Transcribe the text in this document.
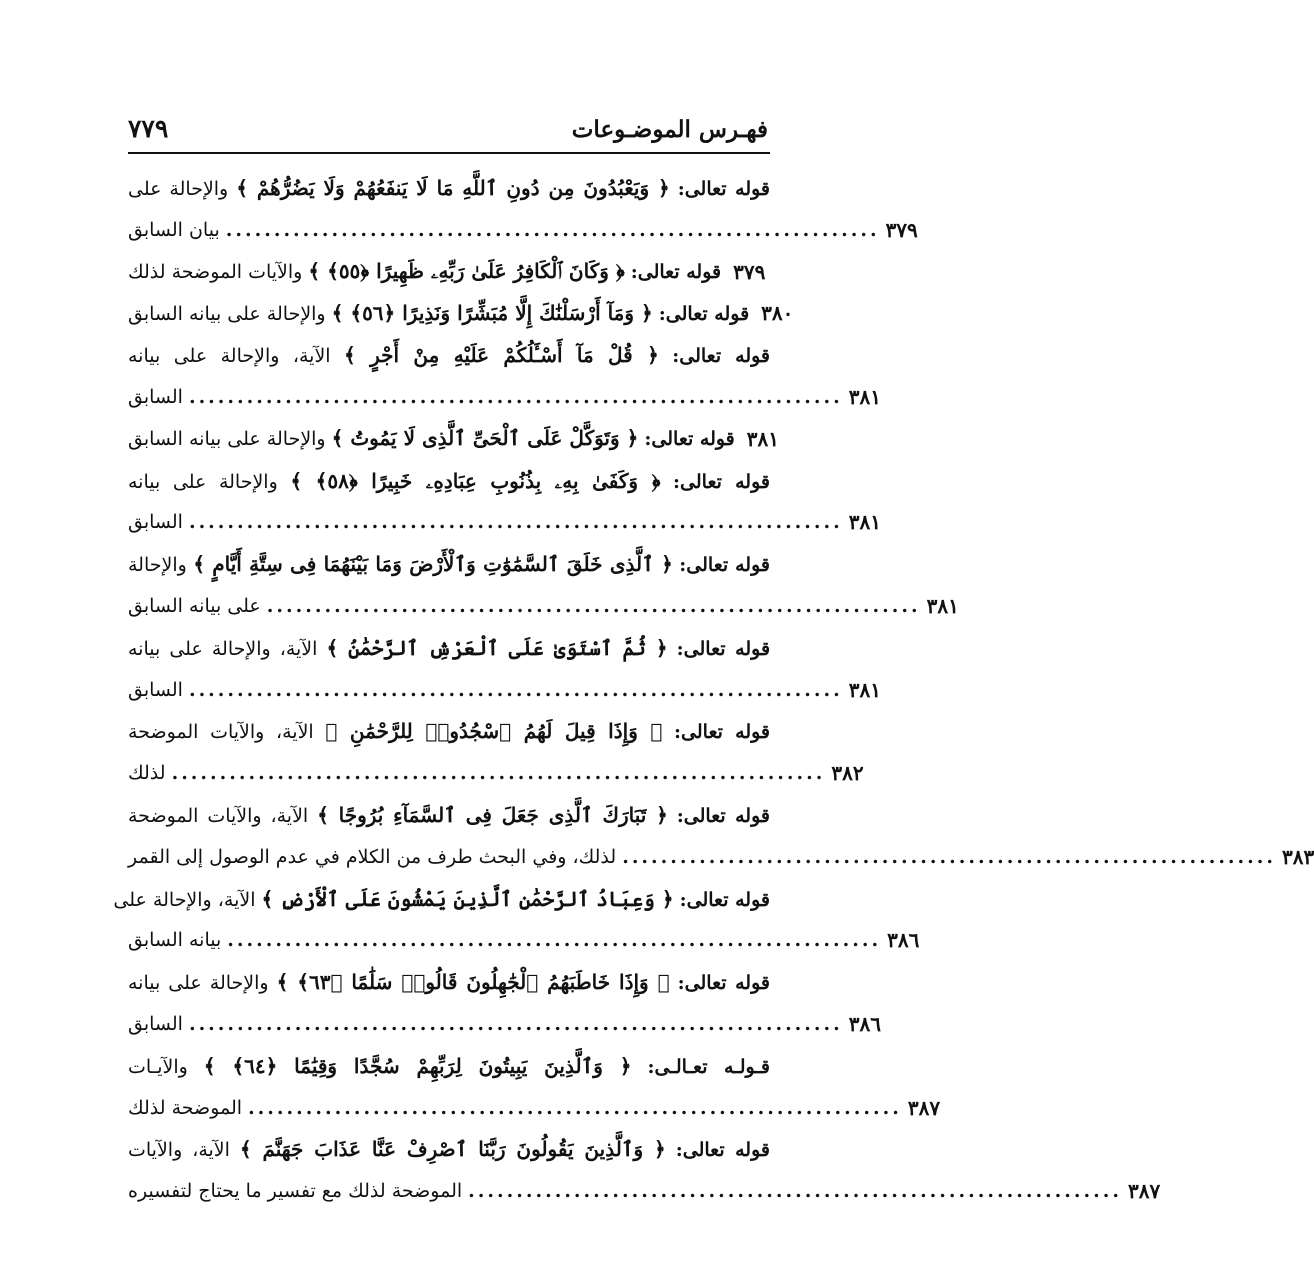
فهـرس الموضـوعات
٧٧٩
قوله تعالى: ﴿ وَيَعْبُدُونَ مِن دُونِ ٱللَّهِ مَا لَا يَنفَعُهُمْ وَلَا يَضُرُّهُمْ ﴾ والإحالة على
بيان السابق .................................................................... ٣٧٩
قوله تعالى: ﴿ وَكَانَ ٱلْكَافِرُ عَلَىٰ رَبِّهِۦ ظَهِيرًا ﴿٥٥﴾ ﴾ والآيات الموضحة لذلك	٣٧٩
قوله تعالى: ﴿ وَمَآ أَرْسَلْنَٰكَ إِلَّا مُبَشِّرًا وَنَذِيرًا ﴿٥٦﴾ ﴾ والإحالة على بيانه السابق	٣٨٠
قوله تعالى: ﴿ قُلْ مَآ أَسْـَٔلُكُمْ عَلَيْهِ مِنْ أَجْرٍ ﴾ الآية، والإحالة على بيانه
السابق .................................................................... ٣٨١
قوله تعالى: ﴿ وَتَوَكَّلْ عَلَى ٱلْحَىِّ ٱلَّذِى لَا يَمُوتُ ﴾ والإحالة على بيانه السابق	٣٨١
قوله تعالى: ﴿ وَكَفَىٰ بِهِۦ بِذُنُوبِ عِبَادِهِۦ خَبِيرًا ﴿٥٨﴾ ﴾ والإحالة على بيانه
السابق .................................................................... ٣٨١
قوله تعالى: ﴿ ٱلَّذِى خَلَقَ ٱلسَّمَٰوَٰتِ وَٱلْأَرْضَ وَمَا بَيْنَهُمَا فِى سِتَّةِ أَيَّامٍ ﴾ والإحالة
على بيانه السابق .................................................................... ٣٨١
قوله تعالى: ﴿ ثُمَّ ٱسْتَوَىٰ عَلَى ٱلْعَرْشِ ٱلرَّحْمَٰنُ ﴾ الآية، والإحالة على بيانه
السابق .................................................................... ٣٨١
قوله تعالى: ﴿ وَإِذَا قِيلَ لَهُمُ ٱسْجُدُوا۟ لِلرَّحْمَٰنِ ﴾ الآية، والآيات الموضحة
لذلك .................................................................... ٣٨٢
قوله تعالى: ﴿ تَبَارَكَ ٱلَّذِى جَعَلَ فِى ٱلسَّمَآءِ بُرُوجًا ﴾ الآية، والآيات الموضحة
لذلك، وفي البحث طرف من الكلام في عدم الوصول إلى القمر .................................................................... ٣٨٣
قوله تعالى: ﴿ وَعِبَادُ ٱلرَّحْمَٰنِ ٱلَّذِينَ يَمْشُونَ عَلَى ٱلْأَرْضِ ﴾ الآية، والإحالة على
بيانه السابق .................................................................... ٣٨٦
قوله تعالى: ﴿ وَإِذَا خَاطَبَهُمُ ٱلْجَٰهِلُونَ قَالُوا۟ سَلَٰمًا ﴿٦٣﴾ ﴾ والإحالة على بيانه
السابق .................................................................... ٣٨٦
قـولـه تعـالـى: ﴿ وَٱلَّذِينَ يَبِيتُونَ لِرَبِّهِمْ سُجَّدًا وَقِيَٰمًا ﴿٦٤﴾ ﴾ والآيـات
الموضحة لذلك .................................................................... ٣٨٧
قوله تعالى: ﴿ وَٱلَّذِينَ يَقُولُونَ رَبَّنَا ٱصْرِفْ عَنَّا عَذَابَ جَهَنَّمَ ﴾ الآية، والآيات
الموضحة لذلك مع تفسير ما يحتاج لتفسيره .................................................................... ٣٨٧
